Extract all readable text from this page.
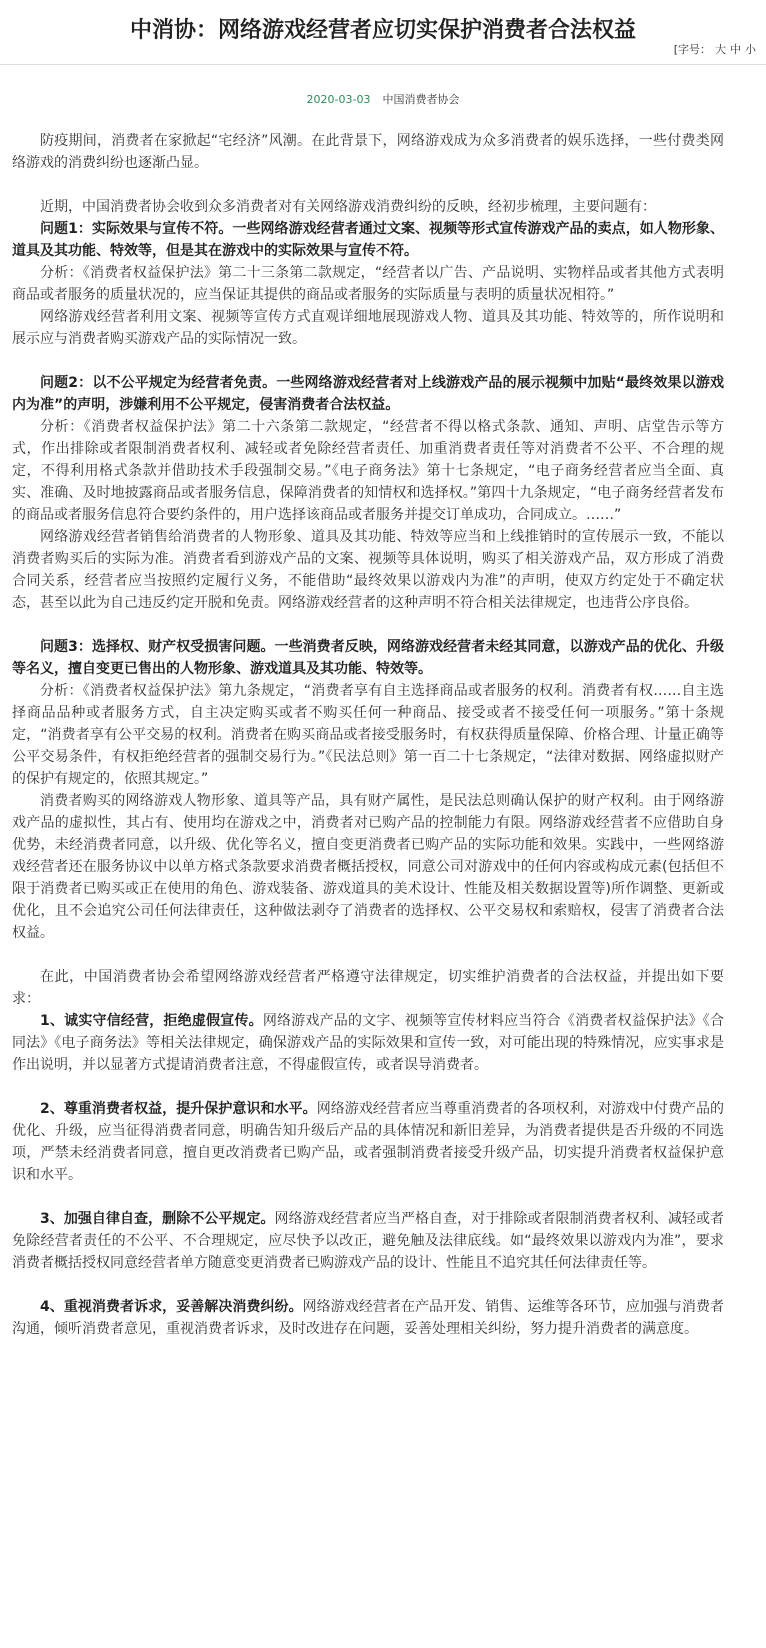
中消协：网络游戏经营者应切实保护消费者合法权益
[字号： 大 中 小
2020-03-03 中国消费者协会

防疫期间，消费者在家掀起“宅经济”风潮。在此背景下，网络游戏成为众多消费者的娱乐选择，一些付费类网络游戏的消费纠纷也逐渐凸显。

近期，中国消费者协会收到众多消费者对有关网络游戏消费纠纷的反映，经初步梳理，主要问题有：

问题1：实际效果与宣传不符。一些网络游戏经营者通过文案、视频等形式宣传游戏产品的卖点，如人物形象、道具及其功能、特效等，但是其在游戏中的实际效果与宣传不符。

分析：《消费者权益保护法》第二十三条第二款规定，“经营者以广告、产品说明、实物样品或者其他方式表明商品或者服务的质量状况的，应当保证其提供的商品或者服务的实际质量与表明的质量状况相符。”

网络游戏经营者利用文案、视频等宣传方式直观详细地展现游戏人物、道具及其功能、特效等的，所作说明和展示应与消费者购买游戏产品的实际情况一致。

问题2：以不公平规定为经营者免责。一些网络游戏经营者对上线游戏产品的展示视频中加贴“最终效果以游戏内为准”的声明，涉嫌利用不公平规定，侵害消费者合法权益。

分析：《消费者权益保护法》第二十六条第二款规定，“经营者不得以格式条款、通知、声明、店堂告示等方式，作出排除或者限制消费者权利、减轻或者免除经营者责任、加重消费者责任等对消费者不公平、不合理的规定，不得利用格式条款并借助技术手段强制交易。”《电子商务法》第十七条规定，“电子商务经营者应当全面、真实、准确、及时地披露商品或者服务信息，保障消费者的知情权和选择权。”第四十九条规定，“电子商务经营者发布的商品或者服务信息符合要约条件的，用户选择该商品或者服务并提交订单成功，合同成立。……”

网络游戏经营者销售给消费者的人物形象、道具及其功能、特效等应当和上线推销时的宣传展示一致，不能以消费者购买后的实际为准。消费者看到游戏产品的文案、视频等具体说明，购买了相关游戏产品，双方形成了消费合同关系，经营者应当按照约定履行义务，不能借助“最终效果以游戏内为准”的声明，使双方约定处于不确定状态，甚至以此为自己违反约定开脱和免责。网络游戏经营者的这种声明不符合相关法律规定，也违背公序良俗。

问题3：选择权、财产权受损害问题。一些消费者反映，网络游戏经营者未经其同意，以游戏产品的优化、升级等名义，擅自变更已售出的人物形象、游戏道具及其功能、特效等。

分析：《消费者权益保护法》第九条规定，“消费者享有自主选择商品或者服务的权利。消费者有权……自主选择商品品种或者服务方式，自主决定购买或者不购买任何一种商品、接受或者不接受任何一项服务。”第十条规定，“消费者享有公平交易的权利。消费者在购买商品或者接受服务时，有权获得质量保障、价格合理、计量正确等公平交易条件，有权拒绝经营者的强制交易行为。”《民法总则》第一百二十七条规定，“法律对数据、网络虚拟财产的保护有规定的，依照其规定。”

消费者购买的网络游戏人物形象、道具等产品，具有财产属性，是民法总则确认保护的财产权利。由于网络游戏产品的虚拟性，其占有、使用均在游戏之中，消费者对已购产品的控制能力有限。网络游戏经营者不应借助自身优势，未经消费者同意，以升级、优化等名义，擅自变更消费者已购产品的实际功能和效果。实践中，一些网络游戏经营者还在服务协议中以单方格式条款要求消费者概括授权，同意公司对游戏中的任何内容或构成元素(包括但不限于消费者已购买或正在使用的角色、游戏装备、游戏道具的美术设计、性能及相关数据设置等)所作调整、更新或优化，且不会追究公司任何法律责任，这种做法剥夺了消费者的选择权、公平交易权和索赔权，侵害了消费者合法权益。

在此，中国消费者协会希望网络游戏经营者严格遵守法律规定，切实维护消费者的合法权益，并提出如下要求：

1、诚实守信经营，拒绝虚假宣传。网络游戏产品的文字、视频等宣传材料应当符合《消费者权益保护法》《合同法》《电子商务法》等相关法律规定，确保游戏产品的实际效果和宣传一致，对可能出现的特殊情况，应实事求是作出说明，并以显著方式提请消费者注意，不得虚假宣传，或者误导消费者。

2、尊重消费者权益，提升保护意识和水平。网络游戏经营者应当尊重消费者的各项权利，对游戏中付费产品的优化、升级，应当征得消费者同意，明确告知升级后产品的具体情况和新旧差异，为消费者提供是否升级的不同选项，严禁未经消费者同意，擅自更改消费者已购产品，或者强制消费者接受升级产品，切实提升消费者权益保护意识和水平。

3、加强自律自查，删除不公平规定。网络游戏经营者应当严格自查，对于排除或者限制消费者权利、减轻或者免除经营者责任的不公平、不合理规定，应尽快予以改正，避免触及法律底线。如“最终效果以游戏内为准”，要求消费者概括授权同意经营者单方随意变更消费者已购游戏产品的设计、性能且不追究其任何法律责任等。

4、重视消费者诉求，妥善解决消费纠纷。网络游戏经营者在产品开发、销售、运维等各环节，应加强与消费者沟通，倾听消费者意见，重视消费者诉求，及时改进存在问题，妥善处理相关纠纷，努力提升消费者的满意度。
